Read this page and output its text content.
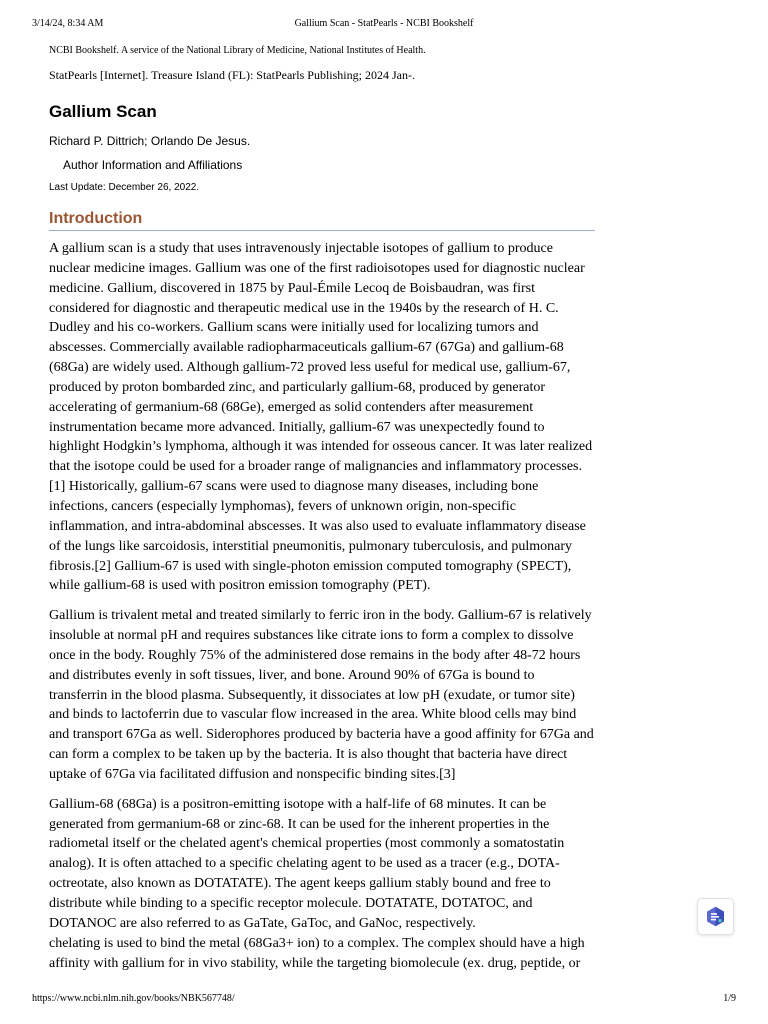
3/14/24, 8:34 AM	Gallium Scan - StatPearls - NCBI Bookshelf
NCBI Bookshelf. A service of the National Library of Medicine, National Institutes of Health.
StatPearls [Internet]. Treasure Island (FL): StatPearls Publishing; 2024 Jan-.
Gallium Scan
Richard P. Dittrich; Orlando De Jesus.
Author Information and Affiliations
Last Update: December 26, 2022.
Introduction

A gallium scan is a study that uses intravenously injectable isotopes of gallium to produce
nuclear medicine images. Gallium was one of the first radioisotopes used for diagnostic nuclear
medicine. Gallium, discovered in 1875 by Paul-Émile Lecoq de Boisbaudran, was first
considered for diagnostic and therapeutic medical use in the 1940s by the research of H. C.
Dudley and his co-workers. Gallium scans were initially used for localizing tumors and
abscesses. Commercially available radiopharmaceuticals gallium-67 (67Ga) and gallium-68
(68Ga) are widely used. Although gallium-72 proved less useful for medical use, gallium-67,
produced by proton bombarded zinc, and particularly gallium-68, produced by generator
accelerating of germanium-68 (68Ge), emerged as solid contenders after measurement
instrumentation became more advanced. Initially, gallium-67 was unexpectedly found to
highlight Hodgkin’s lymphoma, although it was intended for osseous cancer. It was later realized
that the isotope could be used for a broader range of malignancies and inflammatory processes.
[1] Historically, gallium-67 scans were used to diagnose many diseases, including bone
infections, cancers (especially lymphomas), fevers of unknown origin, non-specific
inflammation, and intra-abdominal abscesses. It was also used to evaluate inflammatory disease
of the lungs like sarcoidosis, interstitial pneumonitis, pulmonary tuberculosis, and pulmonary
fibrosis.[2] Gallium-67 is used with single-photon emission computed tomography (SPECT),
while gallium-68 is used with positron emission tomography (PET).

Gallium is trivalent metal and treated similarly to ferric iron in the body. Gallium-67 is relatively
insoluble at normal pH and requires substances like citrate ions to form a complex to dissolve
once in the body. Roughly 75% of the administered dose remains in the body after 48-72 hours
and distributes evenly in soft tissues, liver, and bone. Around 90% of 67Ga is bound to
transferrin in the blood plasma. Subsequently, it dissociates at low pH (exudate, or tumor site)
and binds to lactoferrin due to vascular flow increased in the area. White blood cells may bind
and transport 67Ga as well. Siderophores produced by bacteria have a good affinity for 67Ga and
can form a complex to be taken up by the bacteria. It is also thought that bacteria have direct
uptake of 67Ga via facilitated diffusion and nonspecific binding sites.[3]

Gallium-68 (68Ga) is a positron-emitting isotope with a half-life of 68 minutes. It can be
generated from germanium-68 or zinc-68. It can be used for the inherent properties in the
radiometal itself or the chelated agent's chemical properties (most commonly a somatostatin
analog). It is often attached to a specific chelating agent to be used as a tracer (e.g., DOTA-
octreotate, also known as DOTATATE). The agent keeps gallium stably bound and free to
distribute while binding to a specific receptor molecule. DOTATATE, DOTATOC, and
DOTANOC are also referred to as GaTate, GaToc, and GaNoc, respectively.
chelating is used to bind the metal (68Ga3+ ion) to a complex. The complex should have a high
affinity with gallium for in vivo stability, while the targeting biomolecule (ex. drug, peptide, or

https://www.ncbi.nlm.nih.gov/books/NBK567748/	1/9
